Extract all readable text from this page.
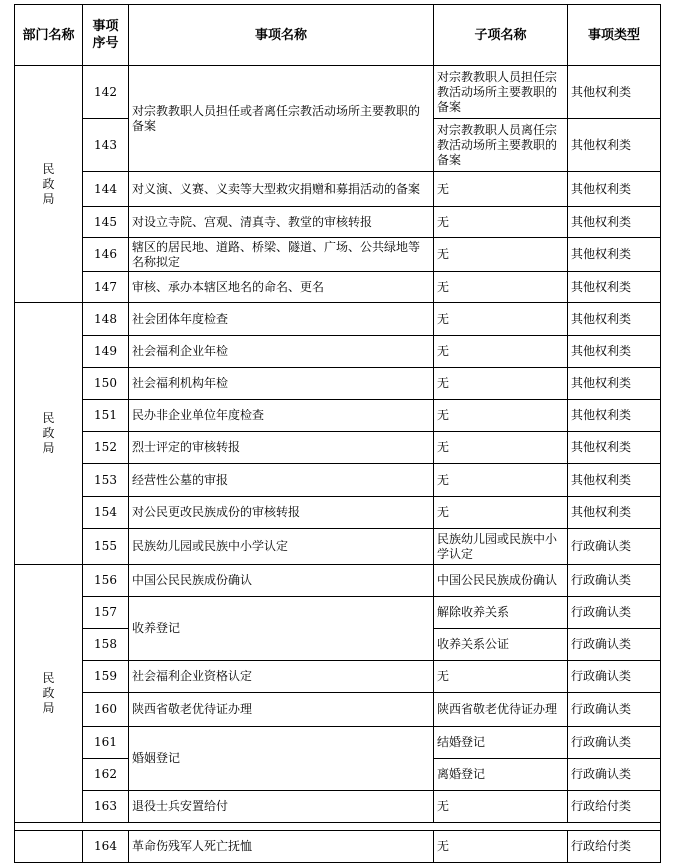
部门名称	事项序号	事项名称	子项名称	事项类型
民政局	142	对宗教教职人员担任或者离任宗教活动场所主要教职的备案	对宗教教职人员担任宗教活动场所主要教职的备案	其他权利类
	143		对宗教教职人员离任宗教活动场所主要教职的备案	其他权利类
	144	对义演、义赛、义卖等大型救灾捐赠和募捐活动的备案	无	其他权利类
	145	对设立寺院、宫观、清真寺、教堂的审核转报	无	其他权利类
	146	辖区的居民地、道路、桥梁、隧道、广场、公共绿地等名称拟定	无	其他权利类
	147	审核、承办本辖区地名的命名、更名	无	其他权利类
民政局	148	社会团体年度检查	无	其他权利类
	149	社会福利企业年检	无	其他权利类
	150	社会福利机构年检	无	其他权利类
	151	民办非企业单位年度检查	无	其他权利类
	152	烈士评定的审核转报	无	其他权利类
	153	经营性公墓的审报	无	其他权利类
	154	对公民更改民族成份的审核转报	无	其他权利类
	155	民族幼儿园或民族中小学认定	民族幼儿园或民族中小学认定	行政确认类
民政局	156	中国公民民族成份确认	中国公民民族成份确认	行政确认类
	157	收养登记	解除收养关系	行政确认类
	158		收养关系公证	行政确认类
	159	社会福利企业资格认定	无	行政确认类
	160	陕西省敬老优待证办理	陕西省敬老优待证办理	行政确认类
	161	婚姻登记	结婚登记	行政确认类
	162		离婚登记	行政确认类
	163	退役士兵安置给付	无	行政给付类

	164	革命伤残军人死亡抚恤	无	行政给付类
